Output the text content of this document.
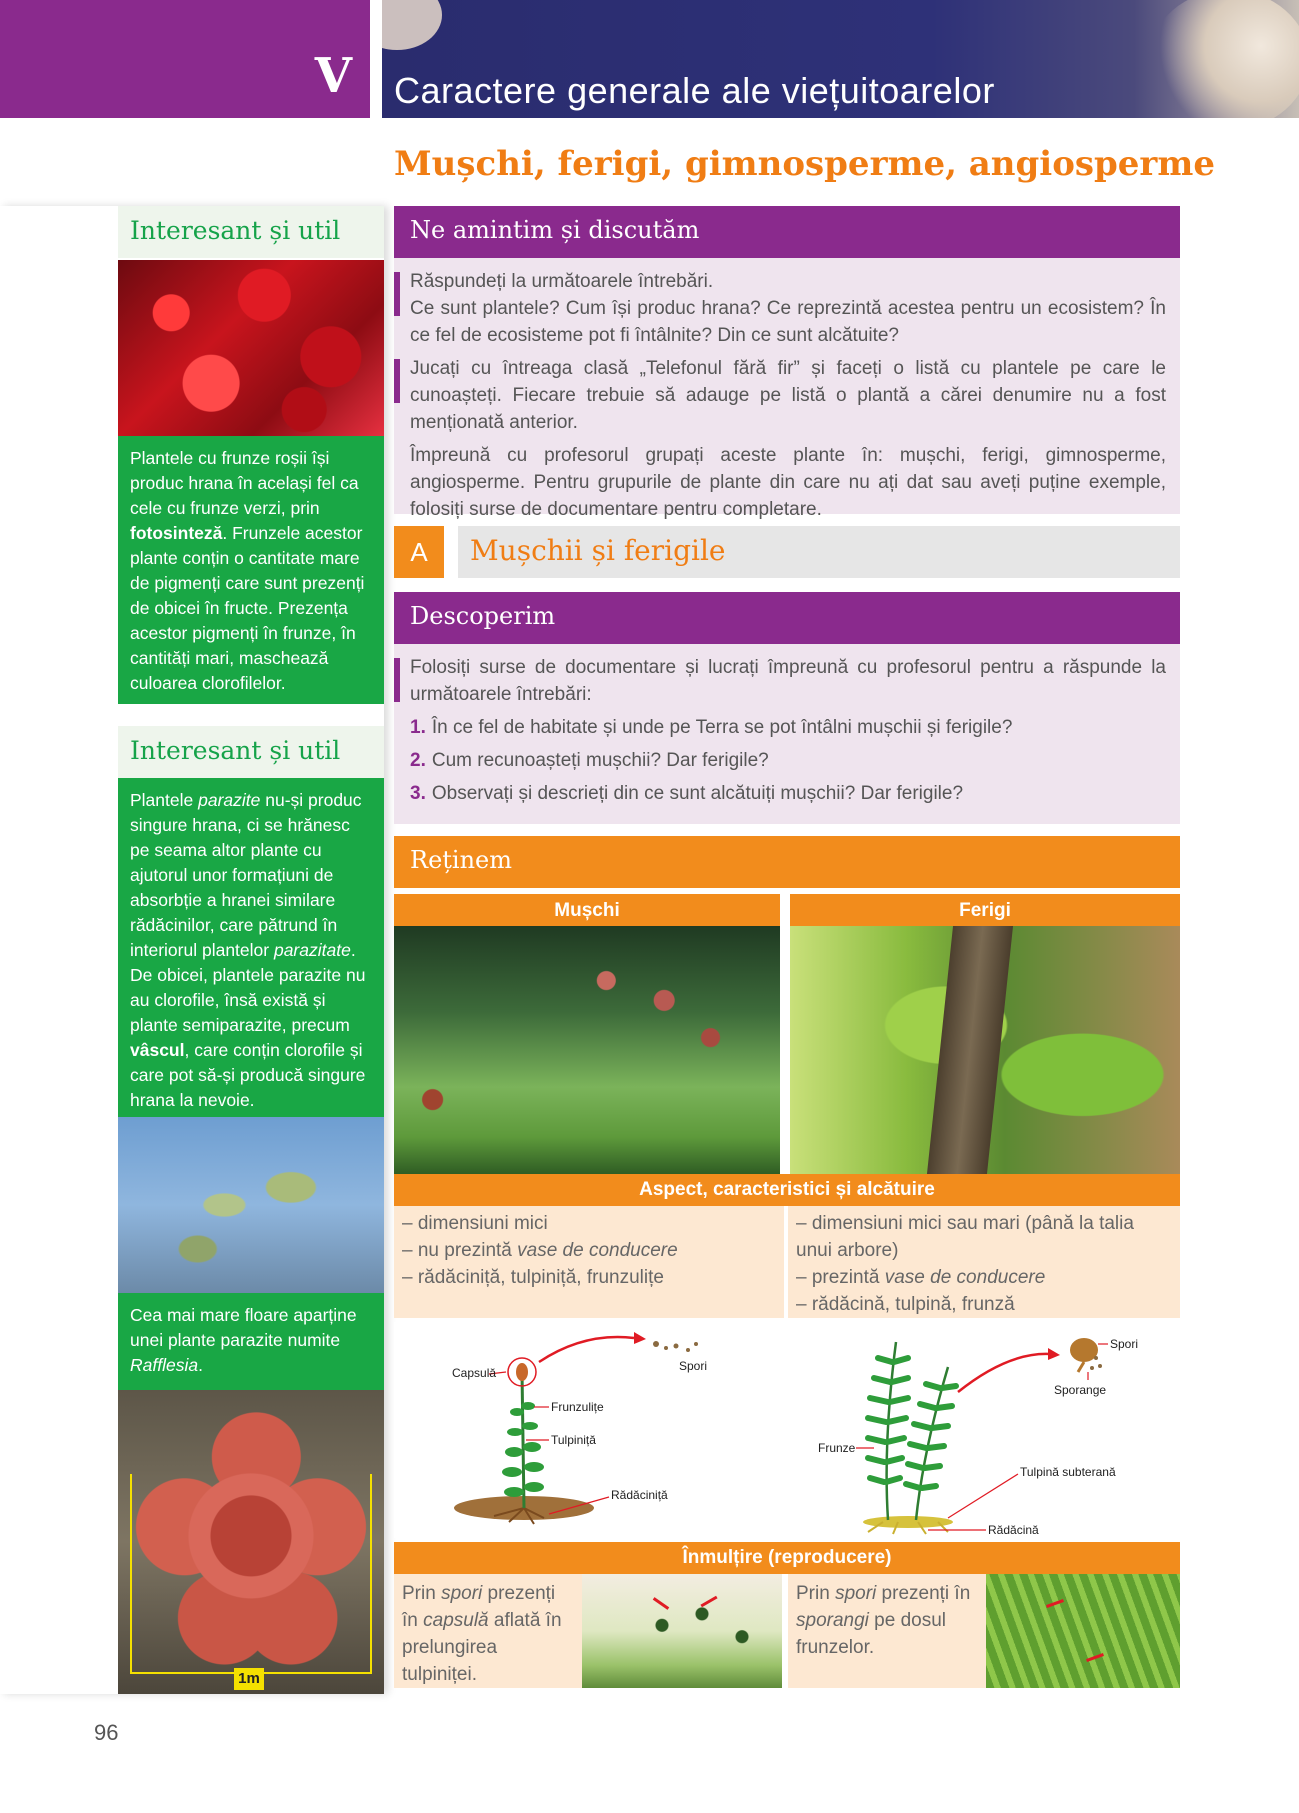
V Caractere generale ale viețuitoarelor
Mușchi, ferigi, gimnosperme, angiosperme
Interesant și util
Plantele cu frunze roșii își produc hrana în același fel ca cele cu frunze verzi, prin fotosinteză. Frunzele acestor plante conțin o cantitate mare de pigmenți care sunt prezenți de obicei în fructe. Prezența acestor pigmenți în frunze, în cantități mari, maschează culoarea clorofilelor.
Interesant și util
Plantele parazite nu-și produc singure hrana, ci se hrănesc pe seama altor plante cu ajutorul unor formațiuni de absorbție a hranei similare rădăcinilor, care pătrund în interiorul plantelor parazitate. De obicei, plantele parazite nu au clorofile, însă există și plante semiparazite, precum vâscul, care conțin clorofile și care pot să-și producă singure hrana la nevoie.
Cea mai mare floare aparține unei plante parazite numite Rafflesia.
1m
Ne amintim și discutăm

Răspundeți la următoarele întrebări.
Ce sunt plantele? Cum își produc hrana? Ce reprezintă acestea pentru un ecosistem? În ce fel de ecosisteme pot fi întâlnite? Din ce sunt alcătuite?

Jucați cu întreaga clasă „Telefonul fără fir” și faceți o listă cu plantele pe care le cunoașteți. Fiecare trebuie să adauge pe listă o plantă a cărei denumire nu a fost menționată anterior.

Împreună cu profesorul grupați aceste plante în: mușchi, ferigi, gimnosperme, angiosperme. Pentru grupurile de plante din care nu ați dat sau aveți puține exemple, folosiți surse de documentare pentru completare.

A	Mușchii și ferigile
Descoperim

Folosiți surse de documentare și lucrați împreună cu profesorul pentru a răspunde la următoarele întrebări:

1. În ce fel de habitate și unde pe Terra se pot întâlni mușchii și ferigile?
2. Cum recunoașteți mușchii? Dar ferigile?
3. Observați și descrieți din ce sunt alcătuiți mușchii? Dar ferigile?
Reținem
Mușchi	Ferigi
Aspect, caracteristici și alcătuire
– dimensiuni mici
– nu prezintă vase de conducere
– rădăciniță, tulpiniță, frunzulițe
– dimensiuni mici sau mari (până la talia unui arbore)
– prezintă vase de conducere
– rădăcină, tulpină, frunză
Capsulă	Spori
Frunzulițe
Tulpiniță
Rădăciniță
Spori
Sporange
Frunze
Tulpină subterană
Rădăcină
Înmulțire (reproducere)
Prin spori prezenți în capsulă aflată în prelungirea tulpiniței.
Prin spori prezenți în sporangi pe dosul frunzelor.
96
